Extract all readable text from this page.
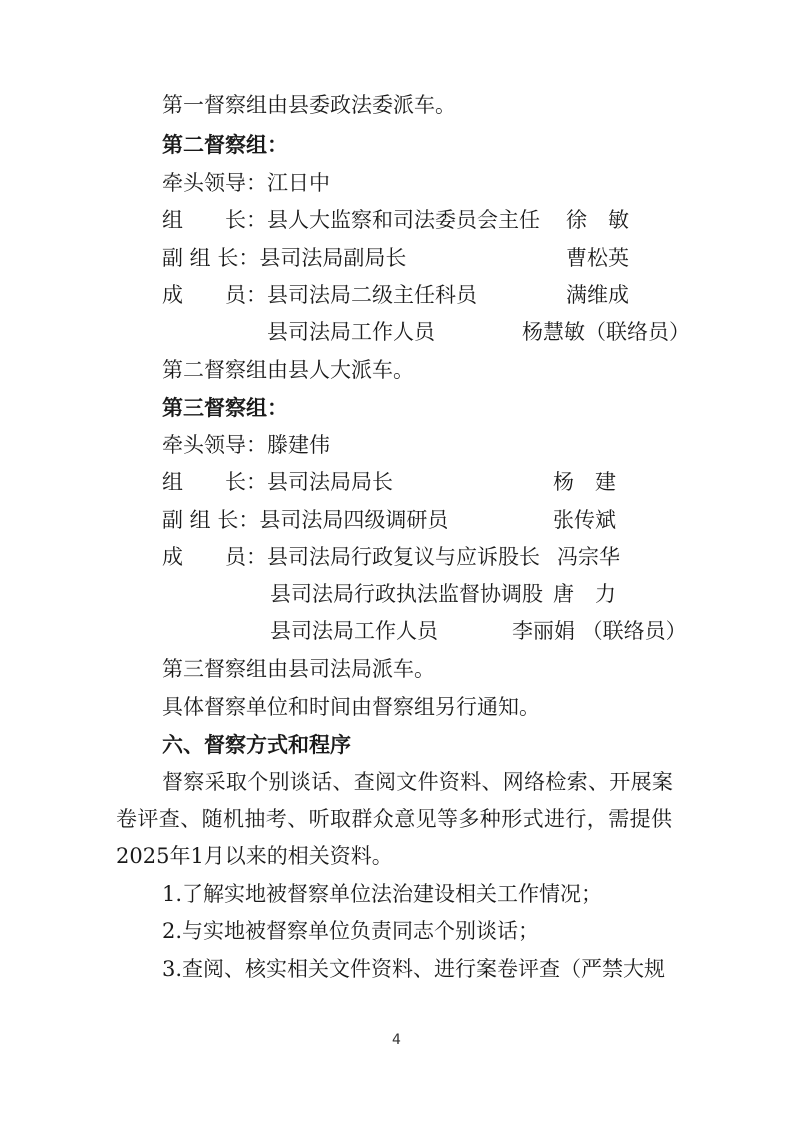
第一督察组由县委政法委派车。
第二督察组：
牵头领导：江日中
组　　长：县人大监察和司法委员会主任 徐　敏
副 组 长：县司法局副局长	曹松英
成　　员：县司法局二级主任科员	满维成
县司法局工作人员	杨慧敏（联络员）
第二督察组由县人大派车。
第三督察组：
牵头领导：滕建伟
组　　长：县司法局局长	杨　建
副 组 长：县司法局四级调研员	张传斌
成　　员：县司法局行政复议与应诉股长 冯宗华
县司法局行政执法监督协调股 唐　力
县司法局工作人员	李丽娟 （联络员）
第三督察组由县司法局派车。
具体督察单位和时间由督察组另行通知。
六、督察方式和程序
督察采取个别谈话、查阅文件资料、网络检索、开展案
卷评查、随机抽考、听取群众意见等多种形式进行，需提供
2025年1月以来的相关资料。
1.了解实地被督察单位法治建设相关工作情况；
2.与实地被督察单位负责同志个别谈话；
3.查阅、核实相关文件资料、进行案卷评查（严禁大规
4
